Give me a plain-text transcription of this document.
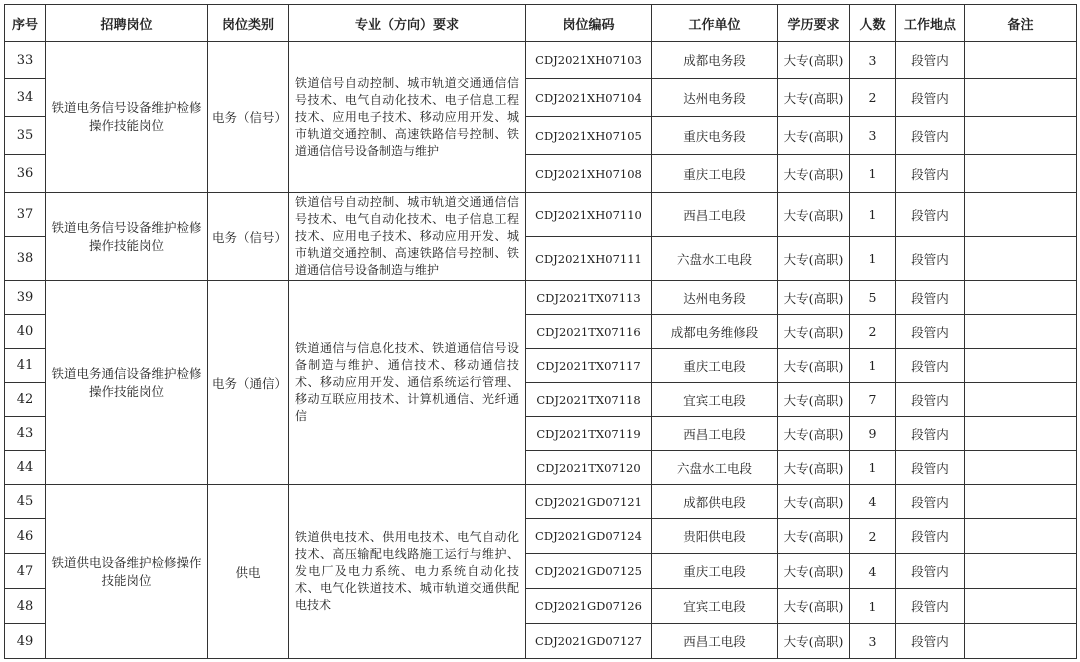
序号	招聘岗位	岗位类别	专业（方向）要求	岗位编码	工作单位	学历要求	人数	工作地点	备注
33	铁道电务信号设备维护检修操作技能岗位	电务（信号）	铁道信号自动控制、城市轨道交通通信信号技术、电气自动化技术、电子信息工程技术、应用电子技术、移动应用开发、城市轨道交通控制、高速铁路信号控制、铁道通信信号设备制造与维护	CDJ2021XH07103	成都电务段	大专(高职)	3	段管内	
34				CDJ2021XH07104	达州电务段	大专(高职)	2	段管内	
35				CDJ2021XH07105	重庆电务段	大专(高职)	3	段管内	
36				CDJ2021XH07108	重庆工电段	大专(高职)	1	段管内	
37	铁道电务信号设备维护检修操作技能岗位	电务（信号）	铁道信号自动控制、城市轨道交通通信信号技术、电气自动化技术、电子信息工程技术、应用电子技术、移动应用开发、城市轨道交通控制、高速铁路信号控制、铁道通信信号设备制造与维护	CDJ2021XH07110	西昌工电段	大专(高职)	1	段管内	
38				CDJ2021XH07111	六盘水工电段	大专(高职)	1	段管内	
39	铁道电务通信设备维护检修操作技能岗位	电务（通信）	铁道通信与信息化技术、铁道通信信号设备制造与维护、通信技术、移动通信技术、移动应用开发、通信系统运行管理、移动互联应用技术、计算机通信、光纤通信	CDJ2021TX07113	达州电务段	大专(高职)	5	段管内	
40				CDJ2021TX07116	成都电务维修段	大专(高职)	2	段管内	
41				CDJ2021TX07117	重庆工电段	大专(高职)	1	段管内	
42				CDJ2021TX07118	宜宾工电段	大专(高职)	7	段管内	
43				CDJ2021TX07119	西昌工电段	大专(高职)	9	段管内	
44				CDJ2021TX07120	六盘水工电段	大专(高职)	1	段管内	
45	铁道供电设备维护检修操作技能岗位	供电	铁道供电技术、供用电技术、电气自动化技术、高压输配电线路施工运行与维护、发电厂及电力系统、电力系统自动化技术、电气化铁道技术、城市轨道交通供配电技术	CDJ2021GD07121	成都供电段	大专(高职)	4	段管内	
46				CDJ2021GD07124	贵阳供电段	大专(高职)	2	段管内	
47				CDJ2021GD07125	重庆工电段	大专(高职)	4	段管内	
48				CDJ2021GD07126	宜宾工电段	大专(高职)	1	段管内	
49				CDJ2021GD07127	西昌工电段	大专(高职)	3	段管内	
